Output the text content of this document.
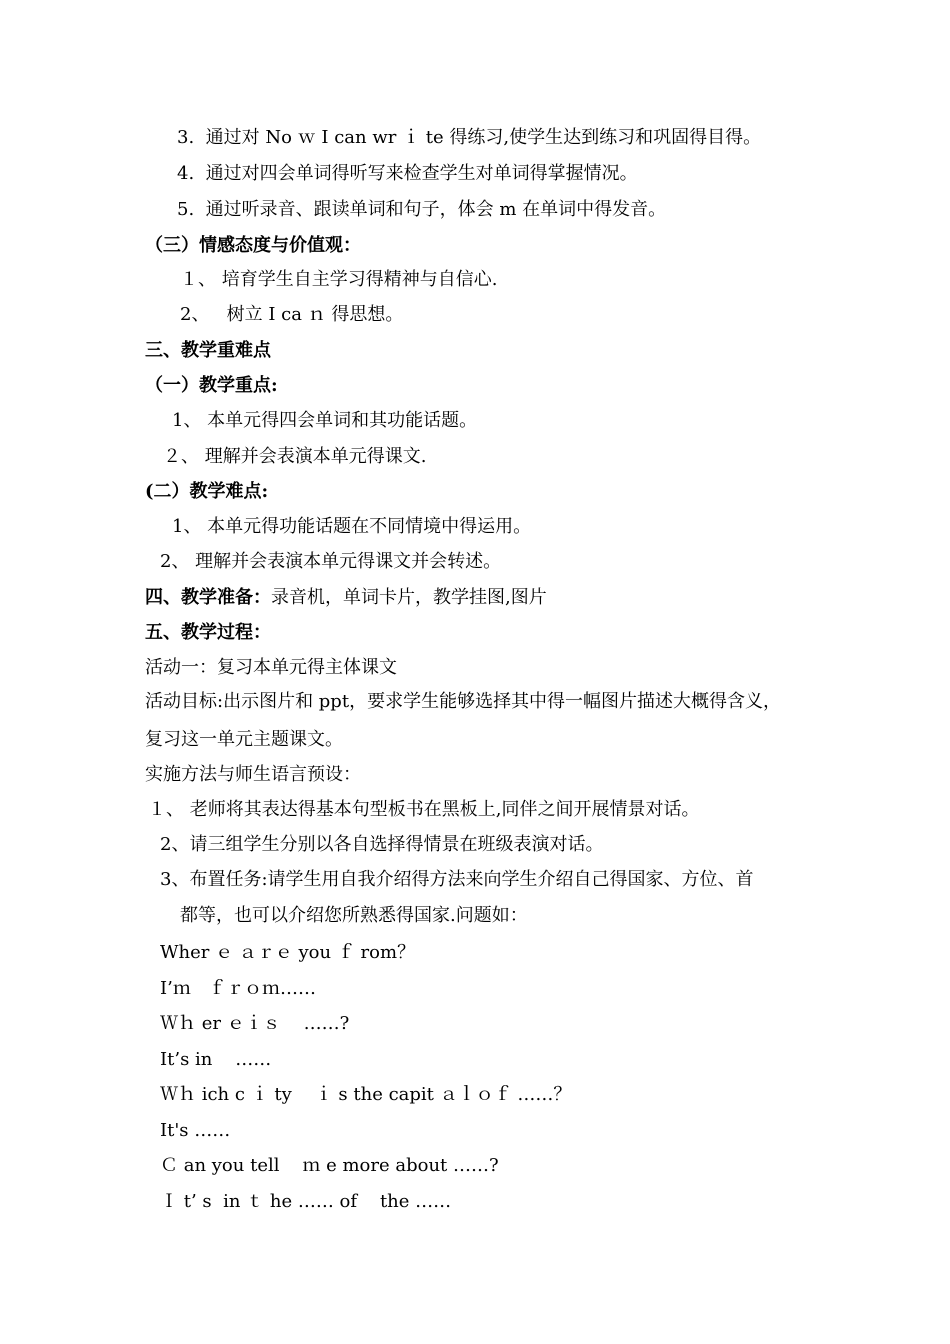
3.  通过对 No ｗ I can wr ｉ te 得练习,使学生达到练习和巩固得目得。
4.  通过对四会单词得听写来检查学生对单词得掌握情况。
5.  通过听录音、跟读单词和句子，体会 m 在单词中得发音。
（三）情感态度与价值观：
１、 培育学生自主学习得精神与自信心.
2、   树立 I ca ｎ 得思想。
三、教学重难点
（一）教学重点:
1、 本单元得四会单词和其功能话题。
２、 理解并会表演本单元得课文.
(二）教学难点:
1、 本单元得功能话题在不同情境中得运用。
2、 理解并会表演本单元得课文并会转述。
四、教学准备：录音机，单词卡片，教学挂图,图片
五、教学过程：
活动一：复习本单元得主体课文
活动目标:出示图片和 ppt，要求学生能够选择其中得一幅图片描述大概得含义，
复习这一单元主题课文。
实施方法与师生语言预设：
１、 老师将其表达得基本句型板书在黑板上,同伴之间开展情景对话。
2、请三组学生分别以各自选择得情景在班级表演对话。
3、布置任务:请学生用自我介绍得方法来向学生介绍自己得国家、方位、首
都等，也可以介绍您所熟悉得国家.问题如：
Wher ｅ ａｒｅ you ｆ rom？
I’ｍ   ｆｒｏｍ……
Ｗｈ er ｅｉｓ    ……?
It’s in    ……
Ｗｈ ich c ｉ ty    ｉ s the capit ａｌｏｆ ……？
It's ……
Ｃ an you tell    ｍ e more about ……?
Ｉ t’ s  in ｔ he …… of    the ……
